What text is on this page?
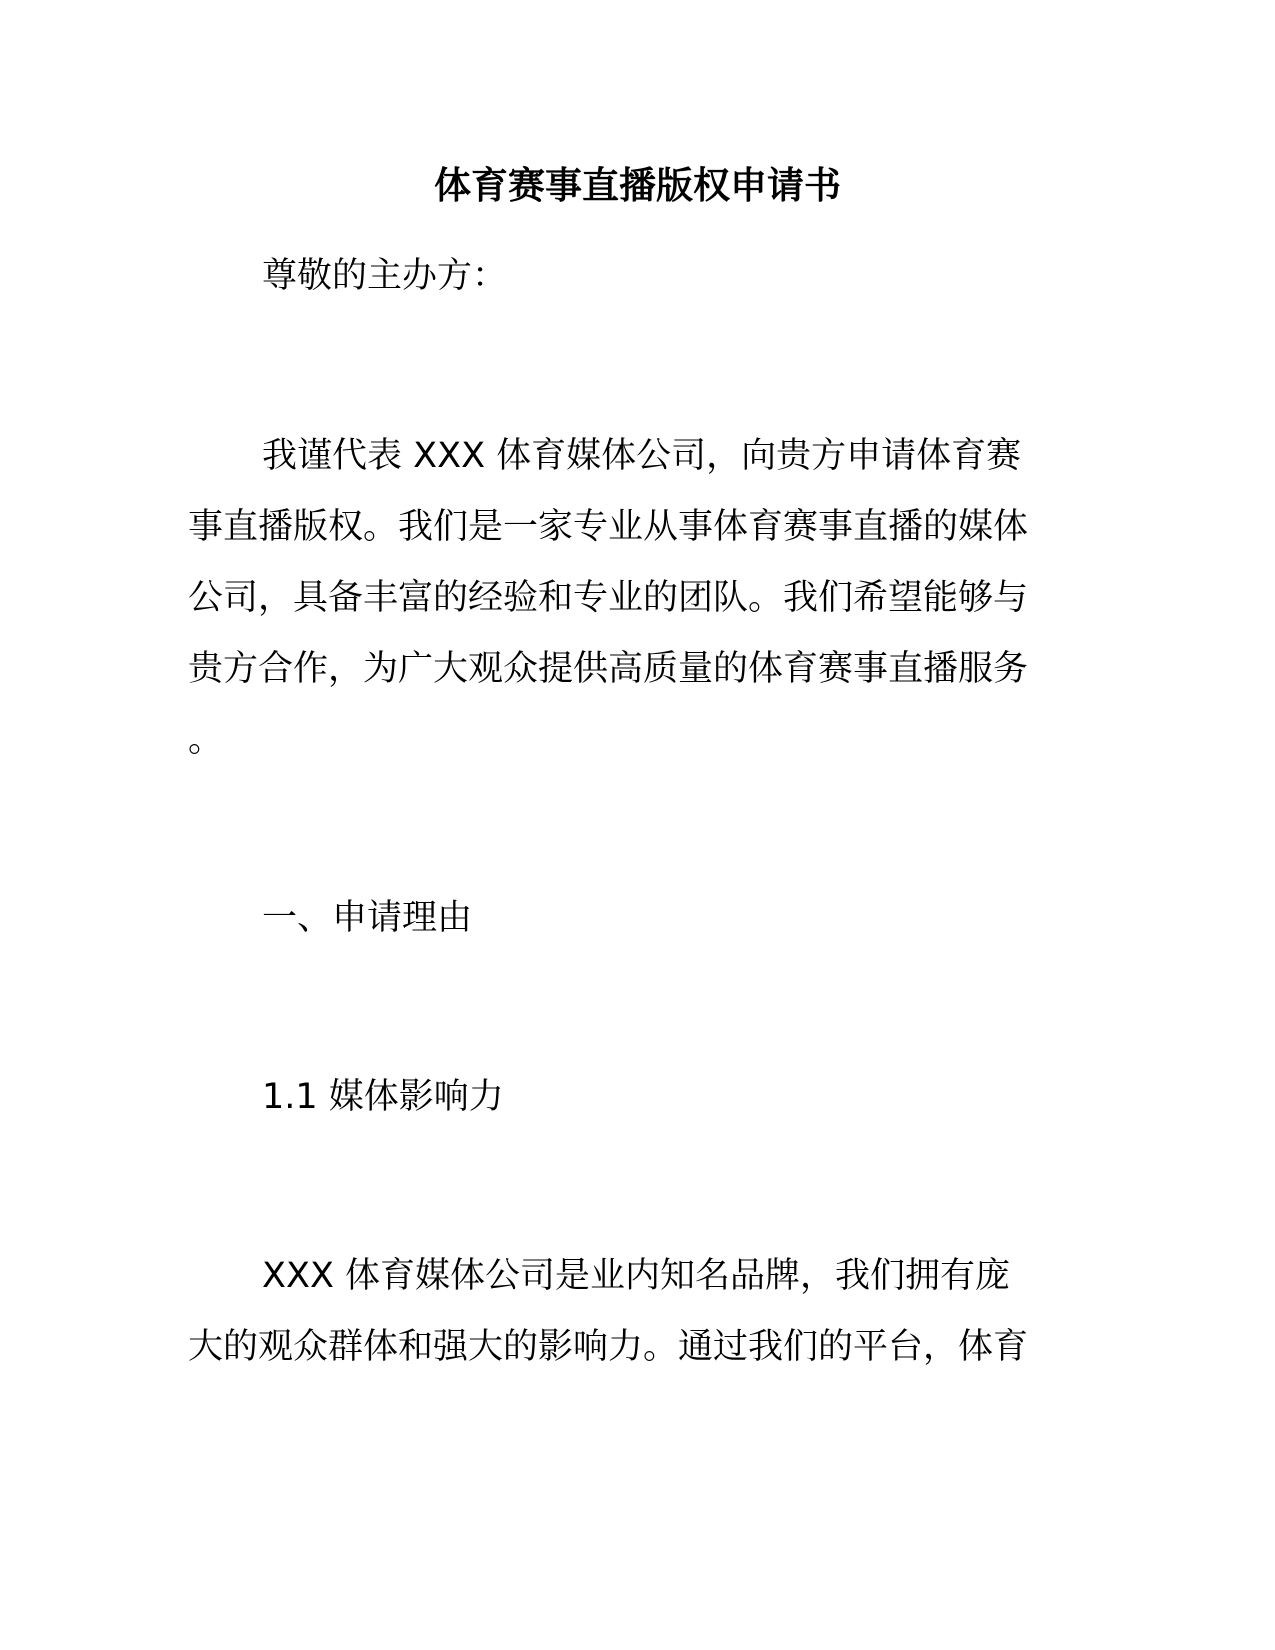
体育赛事直播版权申请书
尊敬的主办方：
我谨代表 XXX 体育媒体公司，向贵方申请体育赛
事直播版权。我们是一家专业从事体育赛事直播的媒体
公司，具备丰富的经验和专业的团队。我们希望能够与
贵方合作，为广大观众提供高质量的体育赛事直播服务
。
一、申请理由
1.1 媒体影响力
XXX 体育媒体公司是业内知名品牌，我们拥有庞
大的观众群体和强大的影响力。通过我们的平台，体育
